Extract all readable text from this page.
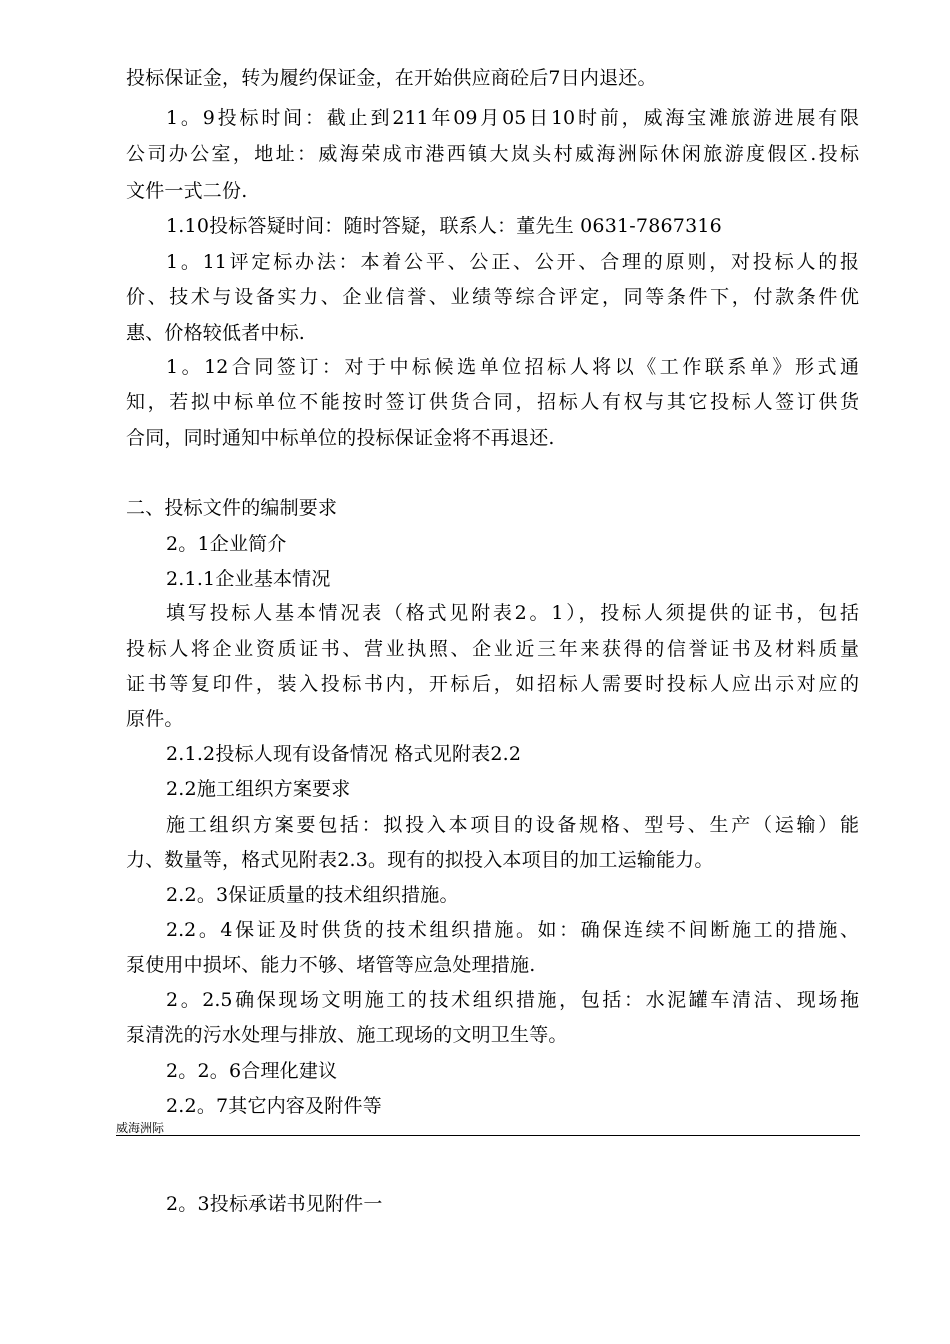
投标保证金，转为履约保证金，在开始供应商砼后7日内退还。
1。9投标时间：截止到211年09月05日10时前，威海宝滩旅游进展有限
公司办公室，地址：威海荣成市港西镇大岚头村威海洲际休闲旅游度假区.投标
文件一式二份.
1.10投标答疑时间：随时答疑，联系人：董先生 0631-7867316
1。11评定标办法：本着公平、公正、公开、合理的原则，对投标人的报
价、技术与设备实力、企业信誉、业绩等综合评定，同等条件下，付款条件优
惠、价格较低者中标.
1。12合同签订：对于中标候选单位招标人将以《工作联系单》形式通
知，若拟中标单位不能按时签订供货合同，招标人有权与其它投标人签订供货
合同，同时通知中标单位的投标保证金将不再退还.
二、投标文件的编制要求
2。1企业简介
2.1.1企业基本情况
填写投标人基本情况表（格式见附表2。1），投标人须提供的证书，包括
投标人将企业资质证书、营业执照、企业近三年来获得的信誉证书及材料质量
证书等复印件，装入投标书内，开标后，如招标人需要时投标人应出示对应的
原件。
2.1.2投标人现有设备情况 格式见附表2.2
2.2施工组织方案要求
施工组织方案要包括：拟投入本项目的设备规格、型号、生产（运输）能
力、数量等，格式见附表2.3。现有的拟投入本项目的加工运输能力。
2.2。3保证质量的技术组织措施。
2.2。4保证及时供货的技术组织措施。如：确保连续不间断施工的措施、
泵使用中损坏、能力不够、堵管等应急处理措施.
2。2.5确保现场文明施工的技术组织措施，包括：水泥罐车清洁、现场拖
泵清洗的污水处理与排放、施工现场的文明卫生等。
2。2。6合理化建议
2.2。7其它内容及附件等
威海洲际
2。3投标承诺书见附件一
